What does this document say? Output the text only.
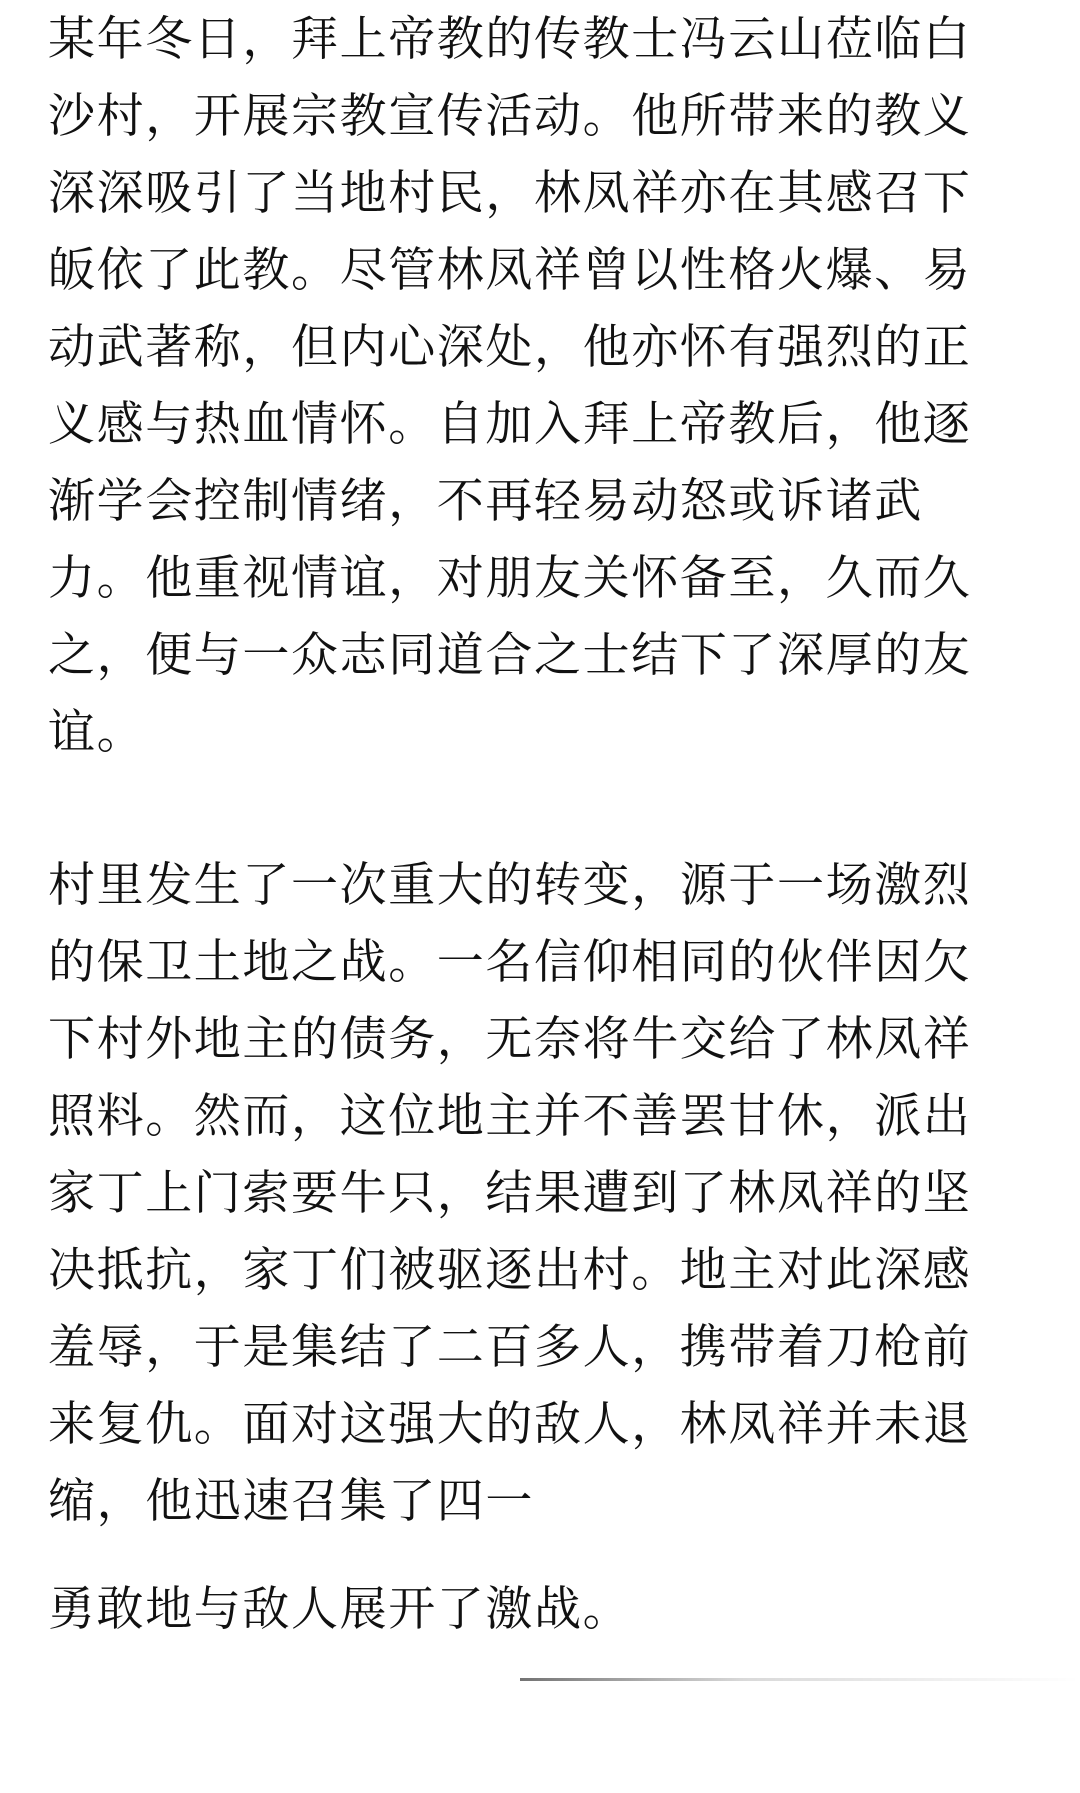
某年冬日，拜上帝教的传教士冯云山莅临白
沙村，开展宗教宣传活动。他所带来的教义
深深吸引了当地村民，林凤祥亦在其感召下
皈依了此教。尽管林凤祥曾以性格火爆、易
动武著称，但内心深处，他亦怀有强烈的正
义感与热血情怀。自加入拜上帝教后，他逐
渐学会控制情绪，不再轻易动怒或诉诸武
力。他重视情谊，对朋友关怀备至，久而久
之，便与一众志同道合之士结下了深厚的友
谊。
村里发生了一次重大的转变，源于一场激烈
的保卫土地之战。一名信仰相同的伙伴因欠
下村外地主的债务，无奈将牛交给了林凤祥
照料。然而，这位地主并不善罢甘休，派出
家丁上门索要牛只，结果遭到了林凤祥的坚
决抵抗，家丁们被驱逐出村。地主对此深感
羞辱，于是集结了二百多人，携带着刀枪前
来复仇。面对这强大的敌人，林凤祥并未退
缩，他迅速召集了四一
勇敢地与敌人展开了激战。
